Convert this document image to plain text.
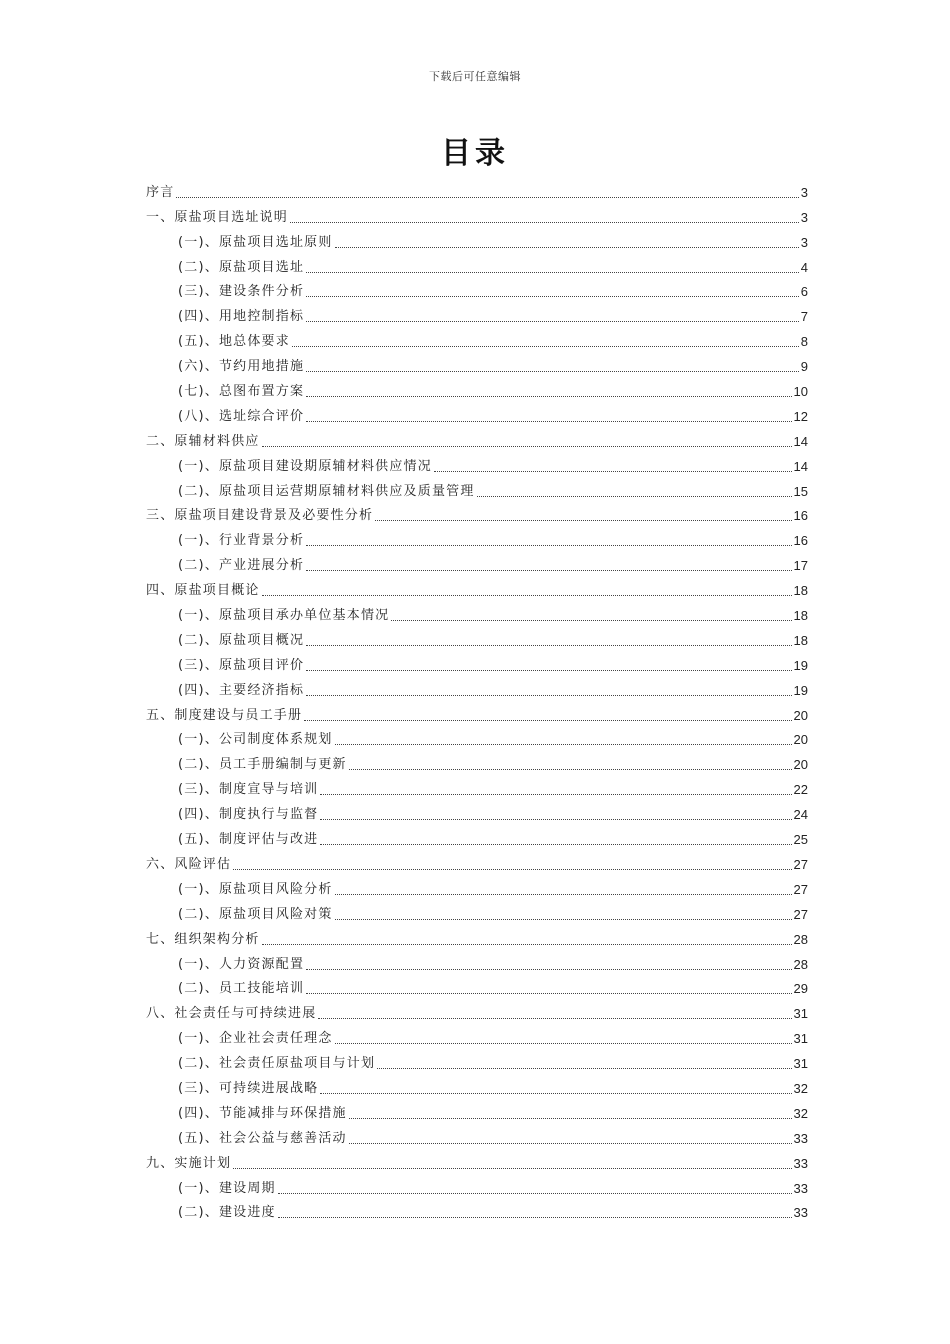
下载后可任意编辑
目录
序言	3
一、原盐项目选址说明	3
(一)、原盐项目选址原则	3
(二)、原盐项目选址	4
(三)、建设条件分析	6
(四)、用地控制指标	7
(五)、地总体要求	8
(六)、节约用地措施	9
(七)、总图布置方案	10
(八)、选址综合评价	12
二、原辅材料供应	14
(一)、原盐项目建设期原辅材料供应情况	14
(二)、原盐项目运营期原辅材料供应及质量管理	15
三、原盐项目建设背景及必要性分析	16
(一)、行业背景分析	16
(二)、产业进展分析	17
四、原盐项目概论	18
(一)、原盐项目承办单位基本情况	18
(二)、原盐项目概况	18
(三)、原盐项目评价	19
(四)、主要经济指标	19
五、制度建设与员工手册	20
(一)、公司制度体系规划	20
(二)、员工手册编制与更新	20
(三)、制度宣导与培训	22
(四)、制度执行与监督	24
(五)、制度评估与改进	25
六、风险评估	27
(一)、原盐项目风险分析	27
(二)、原盐项目风险对策	27
七、组织架构分析	28
(一)、人力资源配置	28
(二)、员工技能培训	29
八、社会责任与可持续进展	31
(一)、企业社会责任理念	31
(二)、社会责任原盐项目与计划	31
(三)、可持续进展战略	32
(四)、节能减排与环保措施	32
(五)、社会公益与慈善活动	33
九、实施计划	33
(一)、建设周期	33
(二)、建设进度	33
